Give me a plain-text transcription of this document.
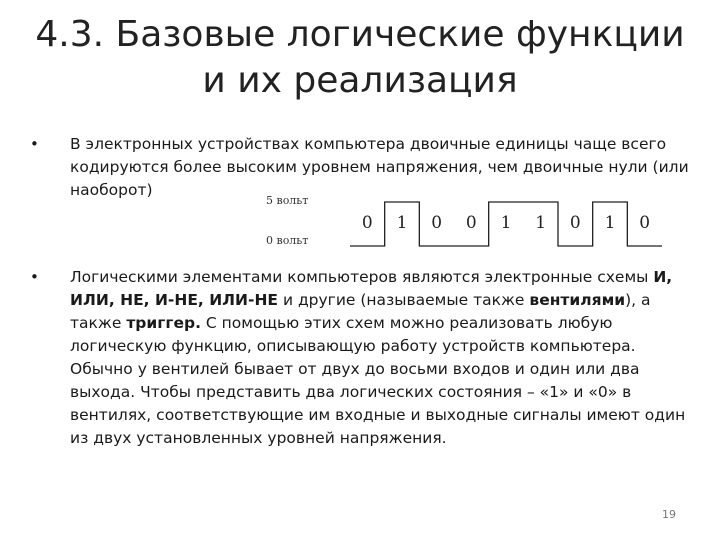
4.3. Базовые логические функции
и их реализация
• В электронных устройствах компьютера двоичные единицы чаще всего кодируются более высоким уровнем напряжения, чем двоичные нули (или наоборот)
5 вольт
0 вольт
0 1 0 0 1 1 0 1 0
• Логическими элементами компьютеров являются электронные схемы И, ИЛИ, НЕ, И-НЕ, ИЛИ-НЕ и другие (называемые также вентилями), а также триггер. С помощью этих схем можно реализовать любую логическую функцию, описывающую работу устройств компьютера. Обычно у вентилей бывает от двух до восьми входов и один или два выхода. Чтобы представить два логических состояния – «1» и «0» в вентилях, соответствующие им входные и выходные сигналы имеют один из двух установленных уровней напряжения.
19
